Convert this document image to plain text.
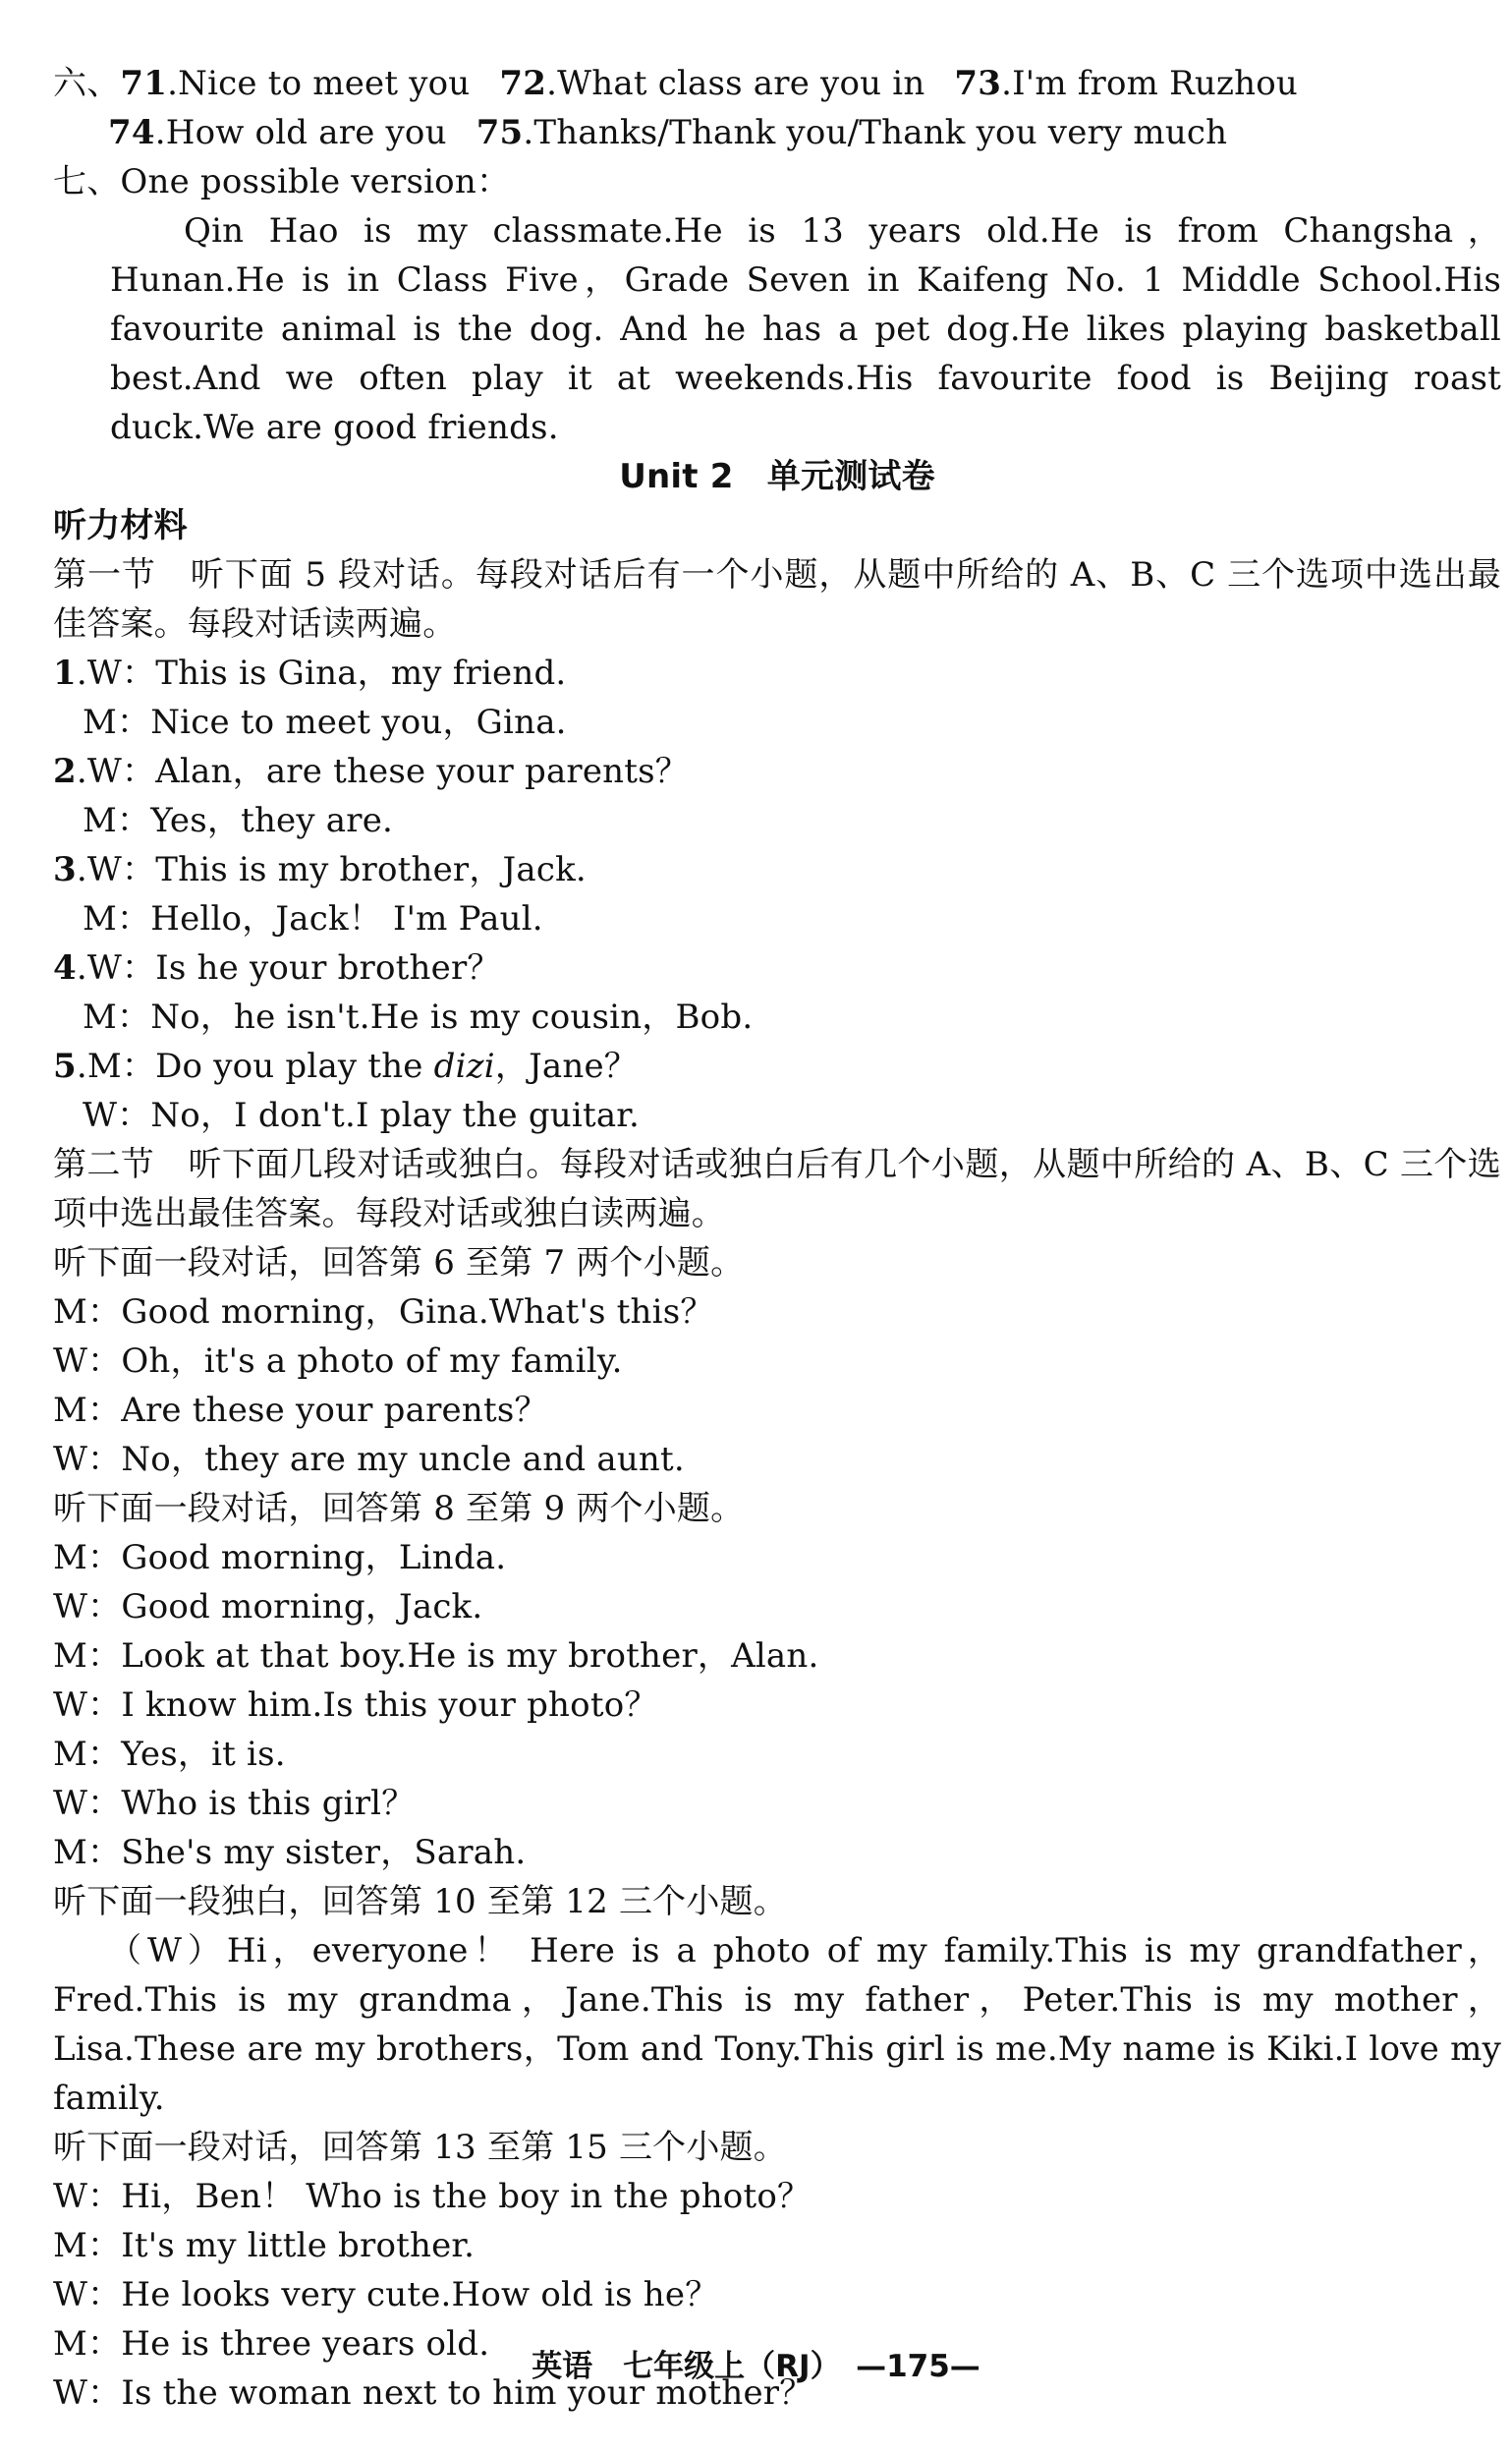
六、71.Nice to meet you 72.What class are you in 73.I'm from Ruzhou
74.How old are you 75.Thanks/Thank you/Thank you very much
七、One possible version：
Qin Hao is my classmate.He is 13 years old.He is from Changsha，Hunan.He is in Class Five，Grade Seven in Kaifeng No. 1 Middle School.His favourite animal is the dog. And he has a pet dog.He likes playing basketball best.And we often play it at weekends.His favourite food is Beijing roast duck.We are good friends.
Unit 2　单元测试卷
听力材料
第一节　听下面 5 段对话。每段对话后有一个小题，从题中所给的 A、B、C 三个选项中选出最佳答案。每段对话读两遍。
1.W：This is Gina，my friend.
M：Nice to meet you，Gina.
2.W：Alan，are these your parents？
M：Yes，they are.
3.W：This is my brother，Jack.
M：Hello，Jack！ I'm Paul.
4.W：Is he your brother？
M：No，he isn't.He is my cousin，Bob.
5.M：Do you play the dizi，Jane？
W：No，I don't.I play the guitar.
第二节　听下面几段对话或独白。每段对话或独白后有几个小题，从题中所给的 A、B、C 三个选项中选出最佳答案。每段对话或独白读两遍。
听下面一段对话，回答第 6 至第 7 两个小题。
M：Good morning，Gina.What's this？
W：Oh，it's a photo of my family.
M：Are these your parents？
W：No，they are my uncle and aunt.
听下面一段对话，回答第 8 至第 9 两个小题。
M：Good morning，Linda.
W：Good morning，Jack.
M：Look at that boy.He is my brother，Alan.
W：I know him.Is this your photo？
M：Yes，it is.
W：Who is this girl？
M：She's my sister，Sarah.
听下面一段独白，回答第 10 至第 12 三个小题。
（W）Hi，everyone！ Here is a photo of my family.This is my grandfather，Fred.This is my grandma，Jane.This is my father，Peter.This is my mother，Lisa.These are my brothers，Tom and Tony.This girl is me.My name is Kiki.I love my family.
听下面一段对话，回答第 13 至第 15 三个小题。
W：Hi，Ben！ Who is the boy in the photo？
M：It's my little brother.
W：He looks very cute.How old is he？
M：He is three years old.
W：Is the woman next to him your mother？
英语　七年级上（RJ）　—175—
